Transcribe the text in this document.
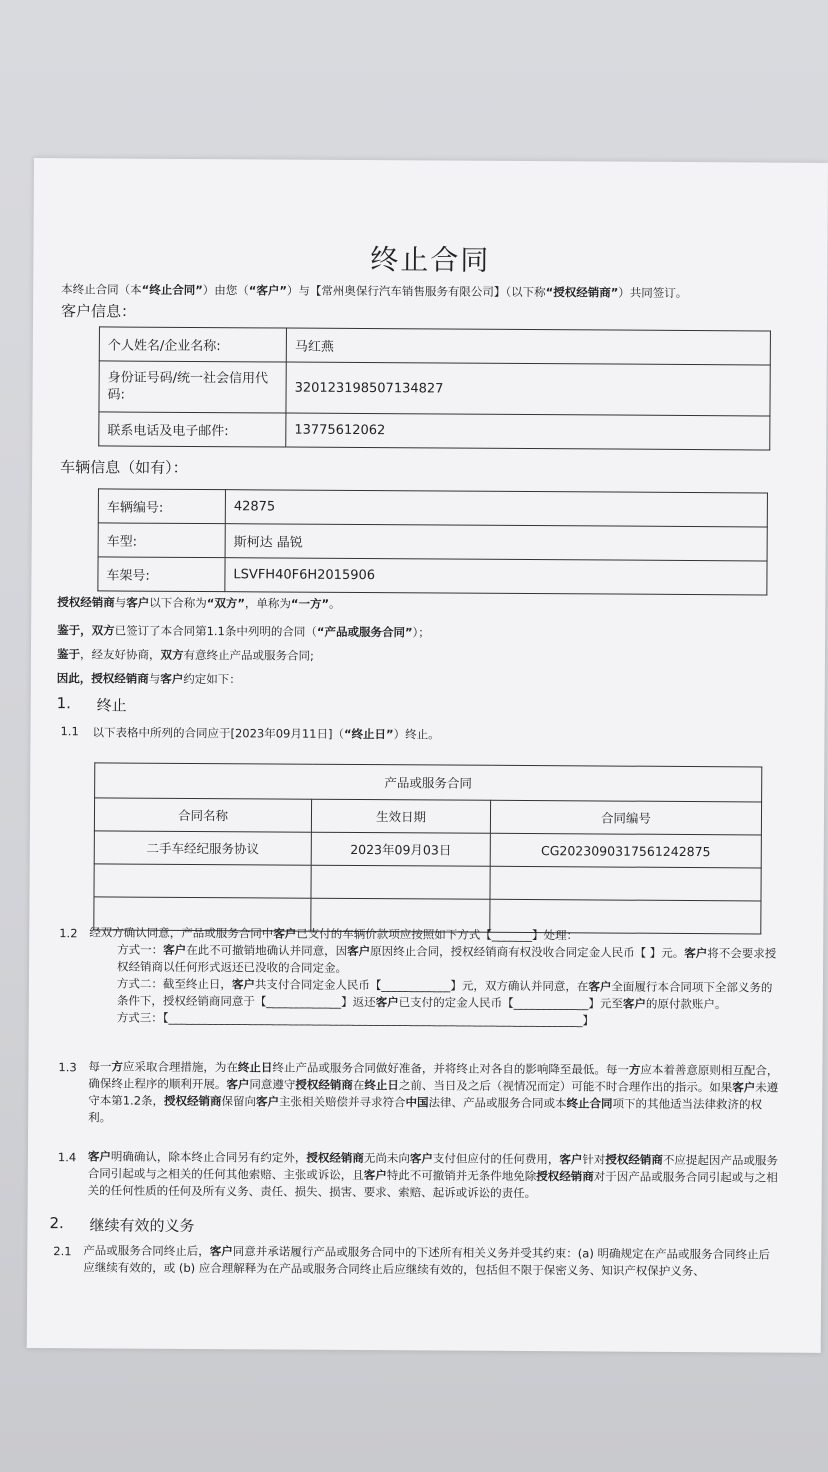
终止合同
本终止合同（本“终止合同”）由您（“客户”）与【常州奥保行汽车销售服务有限公司】（以下称“授权经销商”）共同签订。
客户信息：
个人姓名/企业名称:	马红燕
身份证号码/统一社会信用代码:	320123198507134827
联系电话及电子邮件:	13775612062
车辆信息（如有）：
车辆编号:	42875
车型:	斯柯达 晶锐
车架号:	LSVFH40F6H2015906
授权经销商与客户以下合称为“双方”，单称为“一方”。
鉴于，双方已签订了本合同第1.1条中列明的合同（“产品或服务合同”）；
鉴于，经友好协商，双方有意终止产品或服务合同;
因此，授权经销商与客户约定如下：
1. 终止
1.1 以下表格中所列的合同应于[2023年09月11日]（“终止日”）终止。
产品或服务合同		
合同名称	生效日期	合同编号
二手车经纪服务协议	2023年09月03日	CG2023090317561242875

1.2 经双方确认同意，产品或服务合同中客户已支付的车辆价款项应按照如下方式【_______】处理：
方式一：客户在此不可撤销地确认并同意，因客户原因终止合同，授权经销商有权没收合同定金人民币【 】元。客户将不会要求授权经销商以任何形式返还已没收的合同定金。
方式二：截至终止日，客户共支付合同定金人民币【____________】元，双方确认并同意，在客户全面履行本合同项下全部义务的条件下，授权经销商同意于【_____________】返还客户已支付的定金人民币【_____________】元至客户的原付款账户。
方式三：【________________________________________________________________________】
1.3 每一方应采取合理措施，为在终止日终止产品或服务合同做好准备，并将终止对各自的影响降至最低。每一方应本着善意原则相互配合，确保终止程序的顺利开展。客户同意遵守授权经销商在终止日之前、当日及之后（视情况而定）可能不时合理作出的指示。如果客户未遵守本第1.2条，授权经销商保留向客户主张相关赔偿并寻求符合中国法律、产品或服务合同或本终止合同项下的其他适当法律救济的权利。
1.4 客户明确确认，除本终止合同另有约定外，授权经销商无尚未向客户支付但应付的任何费用，客户针对授权经销商不应提起因产品或服务合同引起或与之相关的任何其他索赔、主张或诉讼，且客户特此不可撤销并无条件地免除授权经销商对于因产品或服务合同引起或与之相关的任何性质的任何及所有义务、责任、损失、损害、要求、索赔、起诉或诉讼的责任。
2. 继续有效的义务
2.1 产品或服务合同终止后，客户同意并承诺履行产品或服务合同中的下述所有相关义务并受其约束：(a) 明确规定在产品或服务合同终止后应继续有效的，或 (b) 应合理解释为在产品或服务合同终止后应继续有效的，包括但不限于保密义务、知识产权保护义务、
